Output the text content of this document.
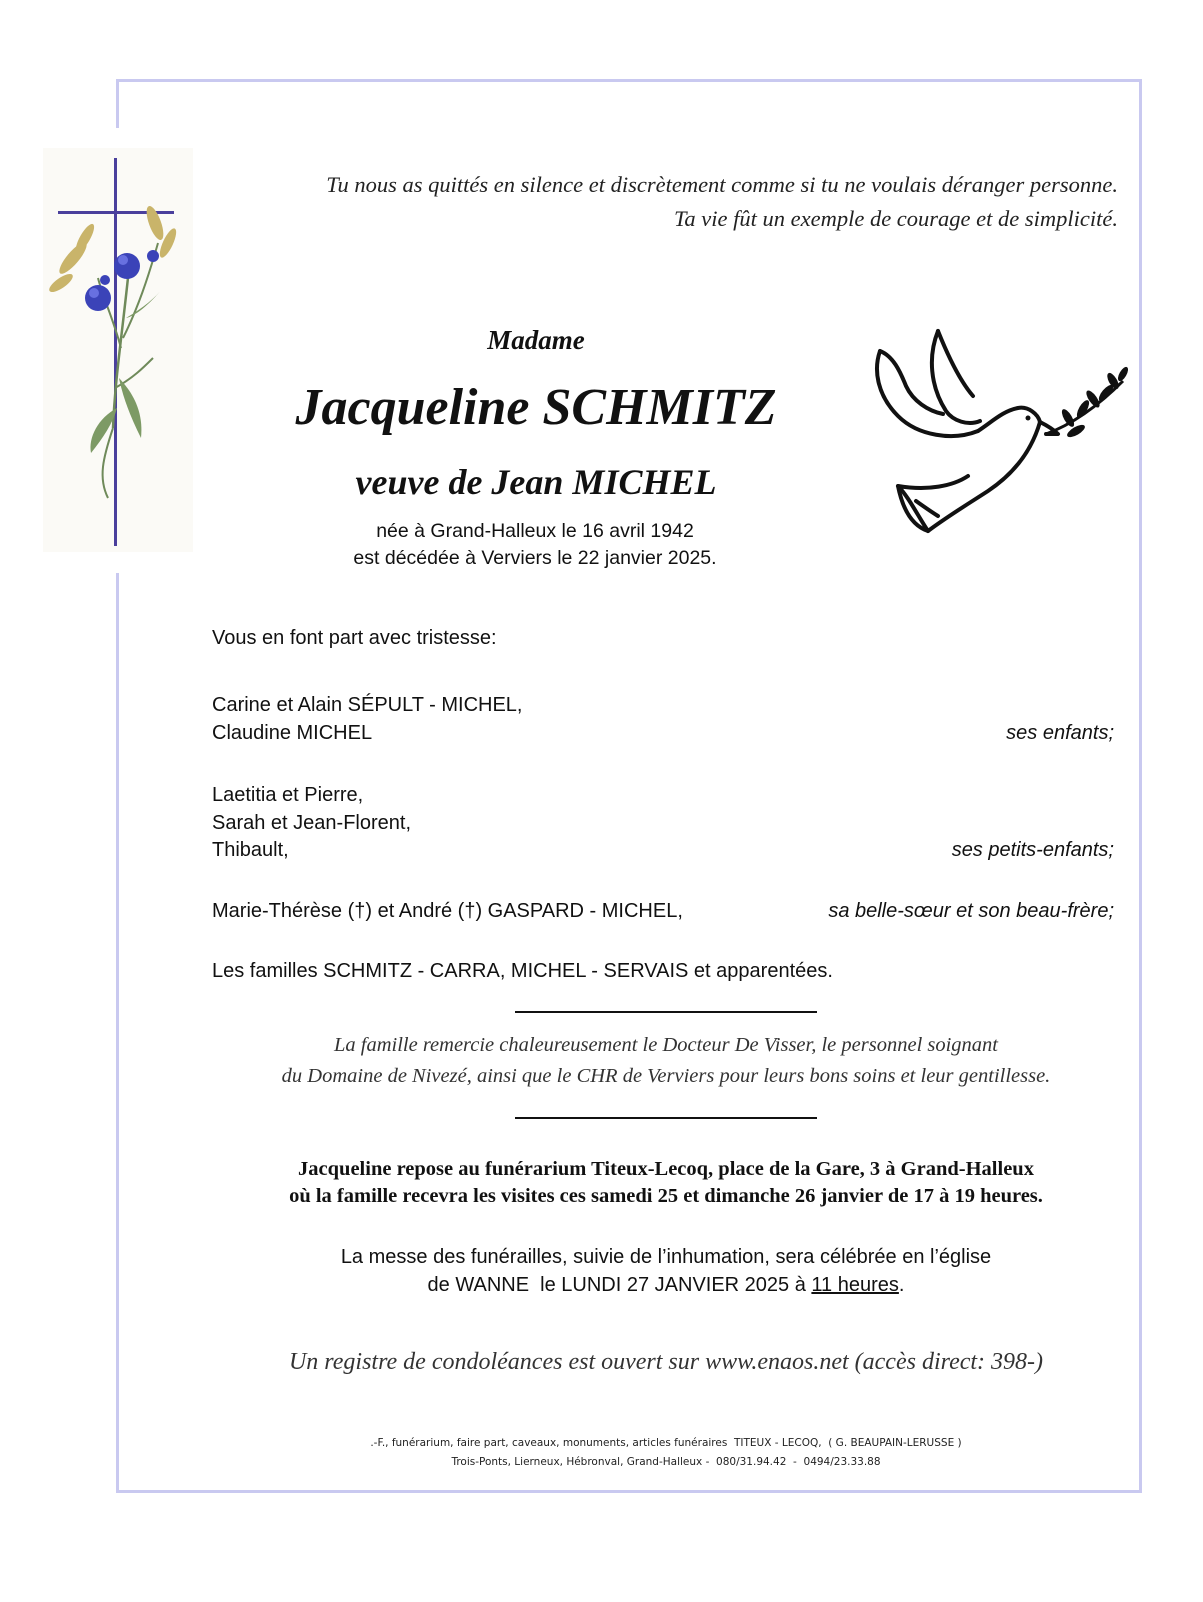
Tu nous as quittés en silence et discrètement comme si tu ne voulais déranger personne.
Ta vie fût un exemple de courage et de simplicité.
Madame
Jacqueline SCHMITZ
veuve de Jean MICHEL
née à Grand-Halleux le 16 avril 1942
est décédée à Verviers le 22 janvier 2025.
Vous en font part avec tristesse:
Carine et Alain SÉPULT - MICHEL,
Claudine MICHEL	ses enfants;
Laetitia et Pierre,
Sarah et Jean-Florent,
Thibault,	ses petits-enfants;
Marie-Thérèse (†) et André (†) GASPARD - MICHEL,	sa belle-sœur et son beau-frère;
Les familles SCHMITZ - CARRA, MICHEL - SERVAIS et apparentées.
La famille remercie chaleureusement le Docteur De Visser, le personnel soignant
du Domaine de Nivezé, ainsi que le CHR de Verviers pour leurs bons soins et leur gentillesse.
Jacqueline repose au funérarium Titeux-Lecoq, place de la Gare, 3 à Grand-Halleux
où la famille recevra les visites ces samedi 25 et dimanche 26 janvier de 17 à 19 heures.
La messe des funérailles, suivie de l’inhumation, sera célébrée en l’église
de WANNE  le LUNDI 27 JANVIER 2025 à 11 heures.
Un registre de condoléances est ouvert sur www.enaos.net (accès direct: 398-)
.-F., funérarium, faire part, caveaux, monuments, articles funéraires  TITEUX - LECOQ,  ( G. BEAUPAIN-LERUSSE )
Trois-Ponts, Lierneux, Hébronval, Grand-Halleux -  080/31.94.42  -  0494/23.33.88
